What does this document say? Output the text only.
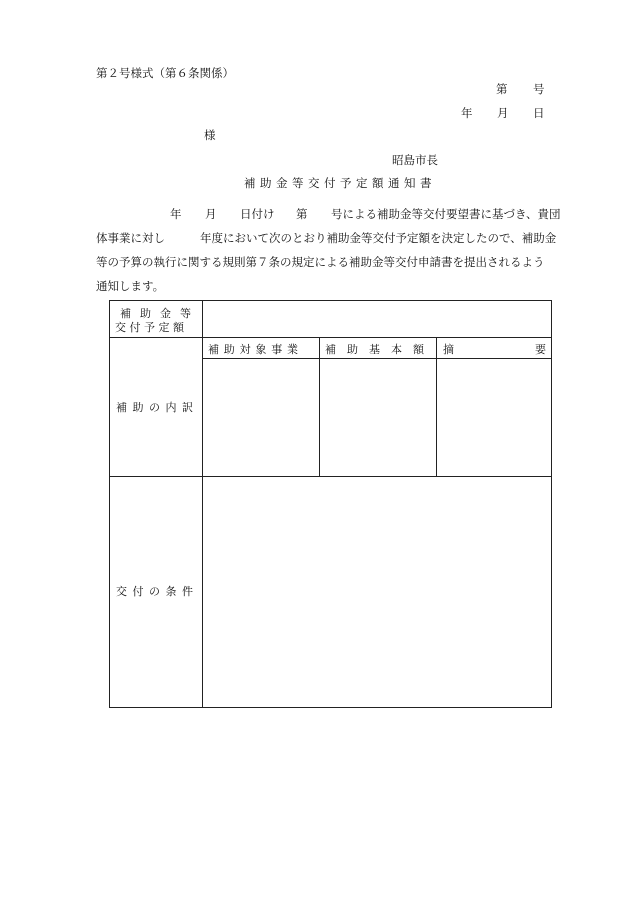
第２号様式（第６条関係）
第 号
年 月 日
様
昭島市長
補助金等交付予定額通知書
年 月 日付け 第 号による補助金等交付要望書に基づき、貴団
体事業に対し	年度において次のとおり補助金等交付予定額を決定したので、補助金
等の予算の執行に関する規則第７条の規定による補助金等交付申請書を提出されるよう
通知します。
補助金等
交付予定額
補助対象事業 補助基本額 摘	要
補助の内訳
交付の条件
